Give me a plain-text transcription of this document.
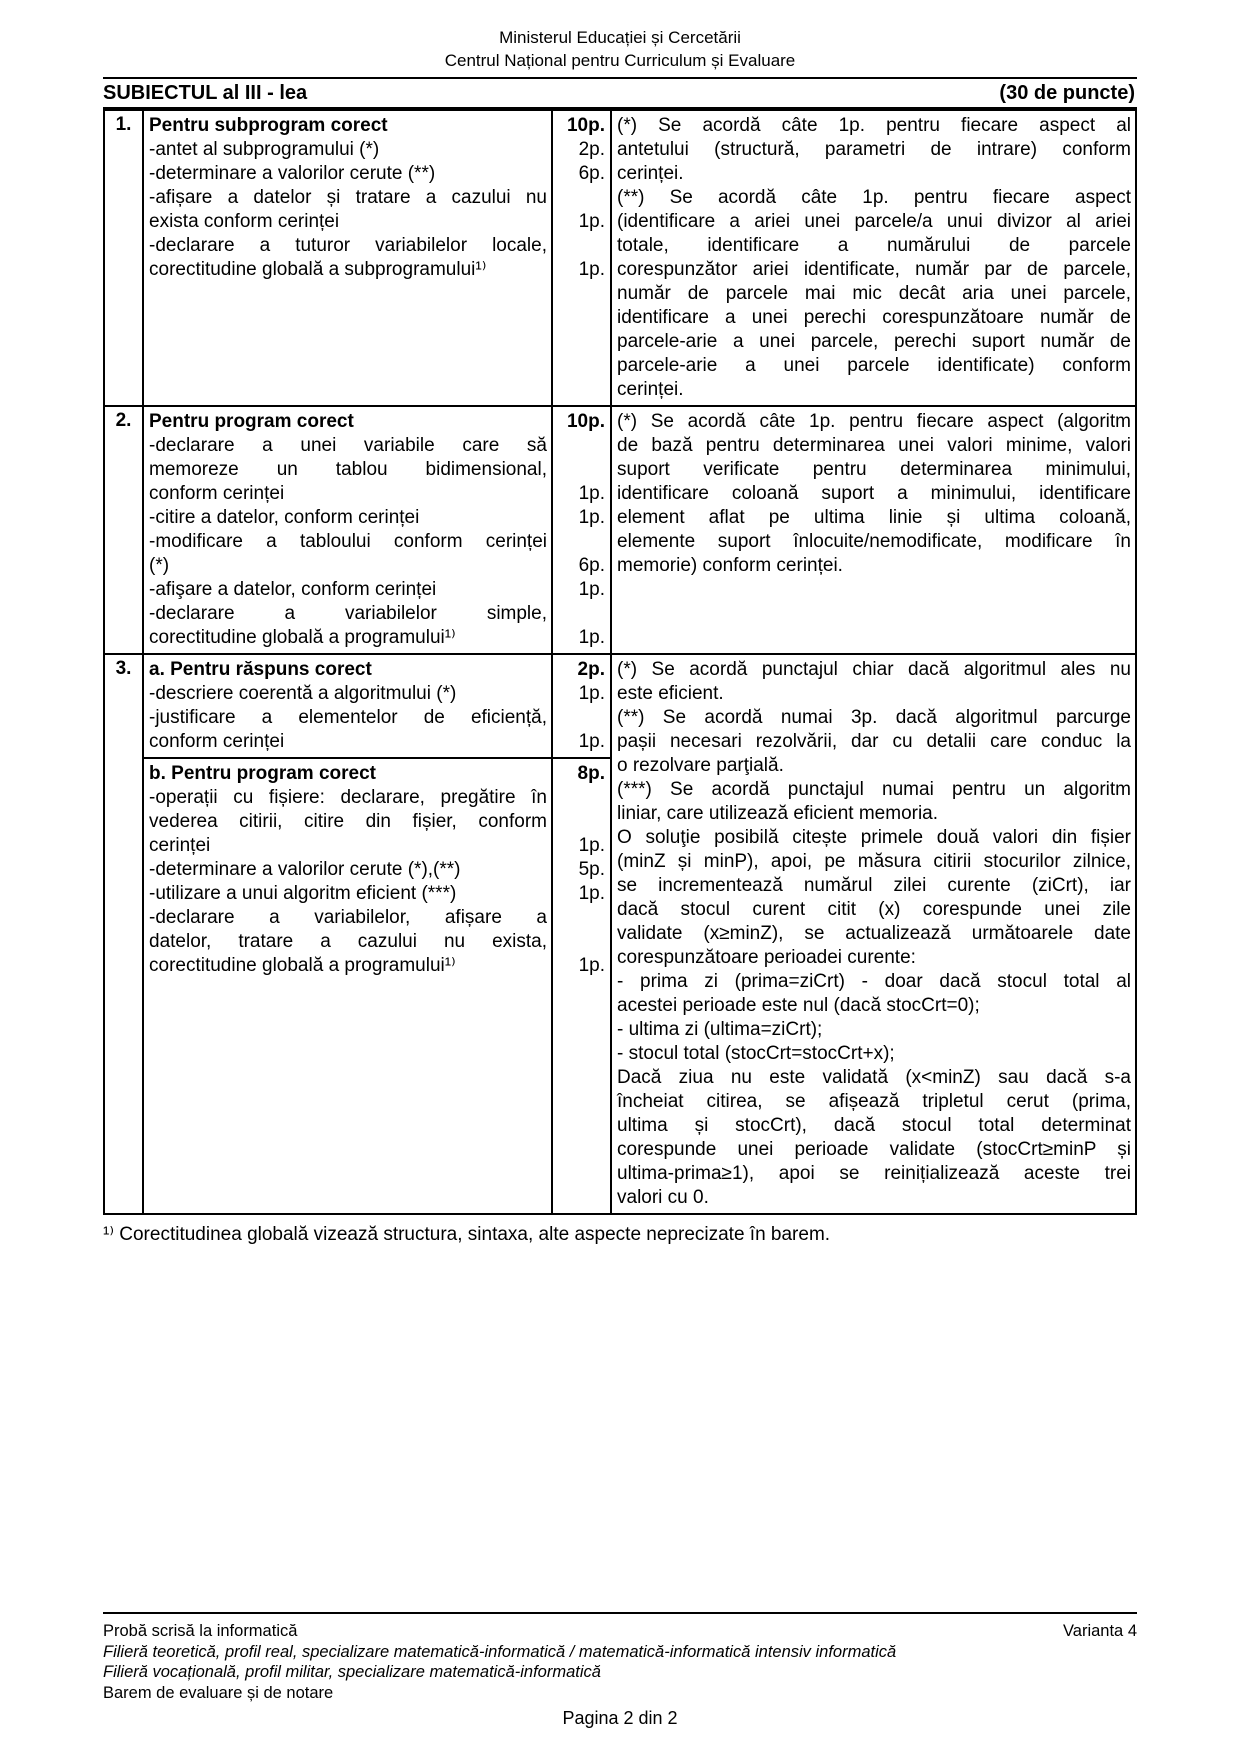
Ministerul Educației și Cercetării
Centrul Național pentru Curriculum și Evaluare
SUBIECTUL al III - lea	(30 de puncte)
1. Pentru subprogram corect
-antet al subprogramului (*)
-determinare a valorilor cerute (**)
-afișare a datelor și tratare a cazului nu
exista conform cerinței
-declarare a tuturor variabilelor locale,
corectitudine globală a subprogramului¹⁾
10p.
2p.
6p.

1p.

1p.
(*) Se acordă câte 1p. pentru fiecare aspect al
antetului (structură, parametri de intrare) conform
cerinței.
(**) Se acordă câte 1p. pentru fiecare aspect
(identificare a ariei unei parcele/a unui divizor al ariei
totale, identificare a numărului de parcele
corespunzător ariei identificate, număr par de parcele,
număr de parcele mai mic decât aria unei parcele,
identificare a unei perechi corespunzătoare număr de
parcele-arie a unei parcele, perechi suport număr de
parcele-arie a unei parcele identificate) conform
cerinței.
2. Pentru program corect
-declarare a unei variabile care să
memoreze un tablou bidimensional,
conform cerinței
-citire a datelor, conform cerinței
-modificare a tabloului conform cerinței
(*)
-afişare a datelor, conform cerinței
-declarare a variabilelor simple,
corectitudine globală a programului¹⁾
10p.

1p.
1p.

6p.
1p.

1p.
(*) Se acordă câte 1p. pentru fiecare aspect (algoritm
de bază pentru determinarea unei valori minime, valori
suport verificate pentru determinarea minimului,
identificare coloană suport a minimului, identificare
element aflat pe ultima linie și ultima coloană,
elemente suport înlocuite/nemodificate, modificare în
memorie) conform cerinței.
3. a. Pentru răspuns corect
-descriere coerentă a algoritmului (*)
-justificare a elementelor de eficiență,
conform cerinței
2p.
1p.

1p.
b. Pentru program corect
-operații cu fișiere: declarare, pregătire în
vederea citirii, citire din fișier, conform
cerinței
-determinare a valorilor cerute (*),(**)
-utilizare a unui algoritm eficient (***)
-declarare a variabilelor, afișare a
datelor, tratare a cazului nu exista,
corectitudine globală a programului¹⁾
8p.

1p.
5p.
1p.

1p.
(*) Se acordă punctajul chiar dacă algoritmul ales nu
este eficient.
(**) Se acordă numai 3p. dacă algoritmul parcurge
pașii necesari rezolvării, dar cu detalii care conduc la
o rezolvare parţială.
(***) Se acordă punctajul numai pentru un algoritm
liniar, care utilizează eficient memoria.
O soluţie posibilă citește primele două valori din fișier
(minZ și minP), apoi, pe măsura citirii stocurilor zilnice,
se incrementează numărul zilei curente (ziCrt), iar
dacă stocul curent citit (x) corespunde unei zile
validate (x≥minZ), se actualizează următoarele date
corespunzătoare perioadei curente:
- prima zi (prima=ziCrt) - doar dacă stocul total al
acestei perioade este nul (dacă stocCrt=0);
- ultima zi (ultima=ziCrt);
- stocul total (stocCrt=stocCrt+x);
Dacă ziua nu este validată (x<minZ) sau dacă s-a
încheiat citirea, se afișează tripletul cerut (prima,
ultima și stocCrt), dacă stocul total determinat
corespunde unei perioade validate (stocCrt≥minP și
ultima-prima≥1), apoi se reinițializează aceste trei
valori cu 0.
¹⁾ Corectitudinea globală vizează structura, sintaxa, alte aspecte neprecizate în barem.
Probă scrisă la informatică	Varianta 4
Filieră teoretică, profil real, specializare matematică-informatică / matematică-informatică intensiv informatică
Filieră vocațională, profil militar, specializare matematică-informatică
Barem de evaluare și de notare
Pagina 2 din 2
